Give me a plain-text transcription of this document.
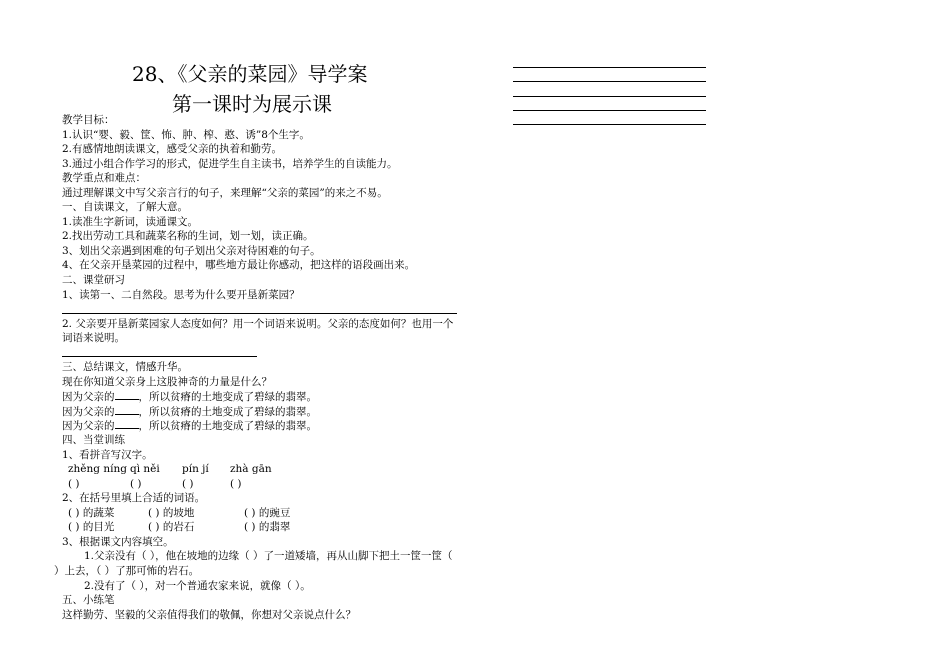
28、《父亲的菜园》导学案
第一课时为展示课
教学目标：
1.认识“婴、毅、筐、怖、肿、榨、憨、诱”8个生字。
2.有感情地朗读课文，感受父亲的执着和勤劳。
3.通过小组合作学习的形式，促进学生自主读书，培养学生的自读能力。
教学重点和难点：
通过理解课文中写父亲言行的句子，来理解“父亲的菜园”的来之不易。
一、自读课文，了解大意。
1.读准生字新词，读通课文。
2.找出劳动工具和蔬菜名称的生词，划一划，读正确。
3、划出父亲遇到困难的句子划出父亲对待困难的句子。
4、在父亲开垦菜园的过程中，哪些地方最让你感动，把这样的语段画出来。
二、课堂研习
1、读第一、二自然段。思考为什么要开垦新菜园？
2. 父亲要开垦新菜园家人态度如何？用一个词语来说明。父亲的态度如何？也用一个词语来说明。
三、总结课文，情感升华。
现在你知道父亲身上这股神奇的力量是什么？
因为父亲的 ，所以贫瘠的土地变成了碧绿的翡翠。
因为父亲的 ，所以贫瘠的土地变成了碧绿的翡翠。
因为父亲的 ，所以贫瘠的土地变成了碧绿的翡翠。
四、当堂训练
1、看拼音写汉字。
zhěng níng qì něi pín jí zhà gān
( )	( )	( )	( )
2、在括号里填上合适的词语。
( ) 的蔬菜	( ) 的坡地	( ) 的豌豆
( ) 的目光	( ) 的岩石	( ) 的翡翠
3、根据课文内容填空。
1.父亲没有（ ），他在坡地的边缘（ ）了一道矮墙，再从山脚下把土一筐一筐（ ）上去，（ ）了那可怖的岩石。
2.没有了（ ），对一个普通农家来说，就像（ ）。
五、小练笔
这样勤劳、坚毅的父亲值得我们的敬佩，你想对父亲说点什么？
